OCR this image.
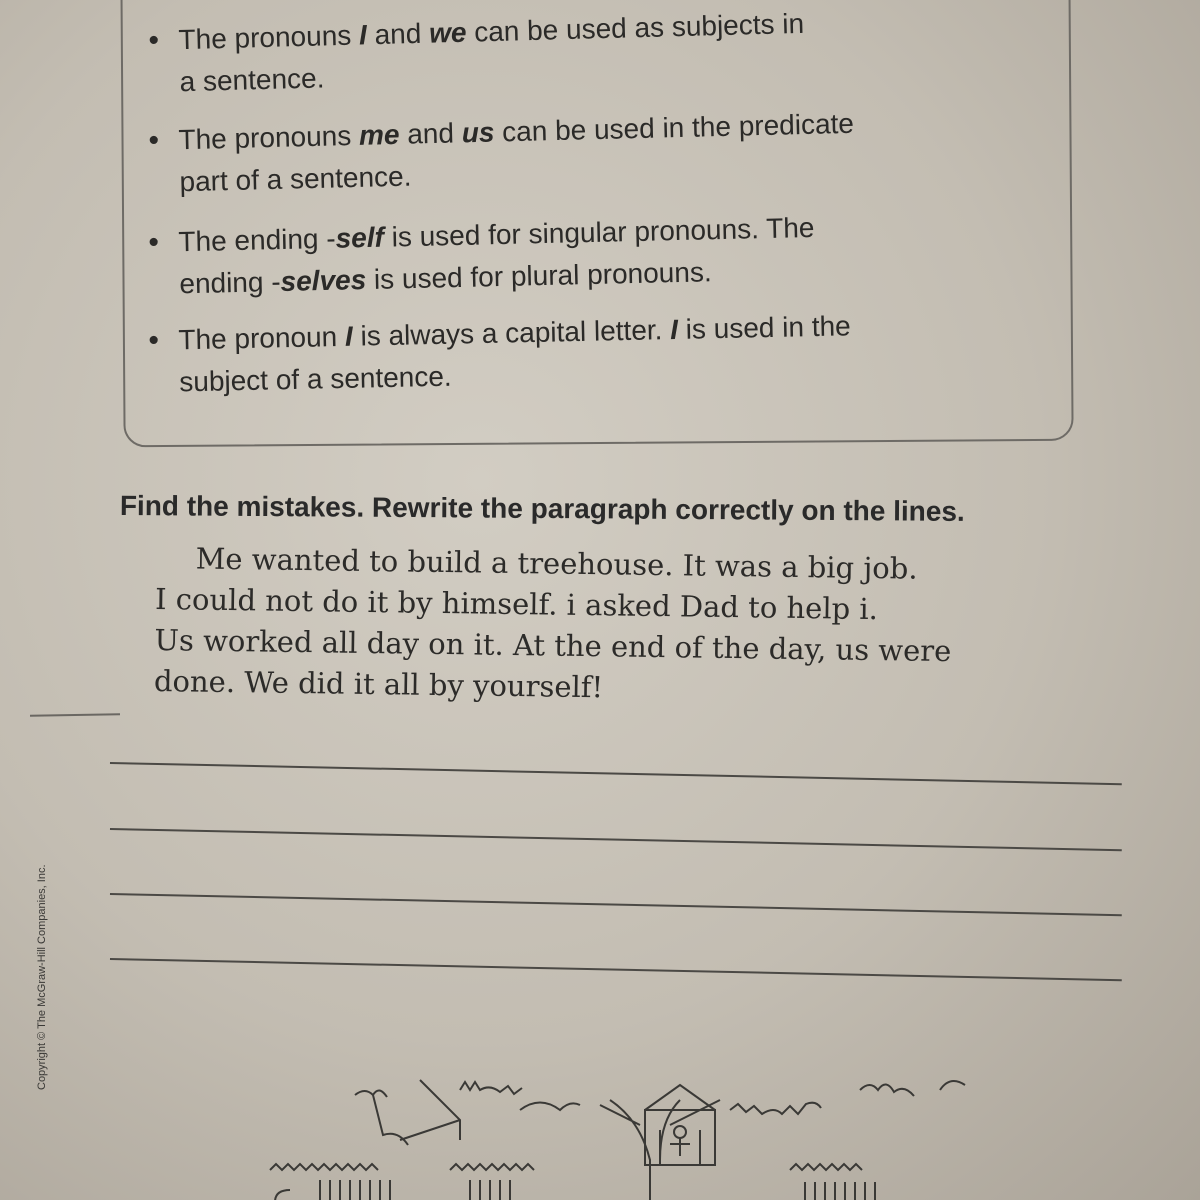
• The pronouns I and we can be used as subjects in
a sentence.
• The pronouns me and us can be used in the predicate
part of a sentence.
• The ending -self is used for singular pronouns. The
ending -selves is used for plural pronouns.
• The pronoun I is always a capital letter. I is used in the
subject of a sentence.
Find the mistakes. Rewrite the paragraph correctly on the lines.
Me wanted to build a treehouse. It was a big job.
I could not do it by himself. i asked Dad to help i.
Us worked all day on it. At the end of the day, us were
done. We did it all by yourself!
Copyright © The McGraw-Hill Companies, Inc.
